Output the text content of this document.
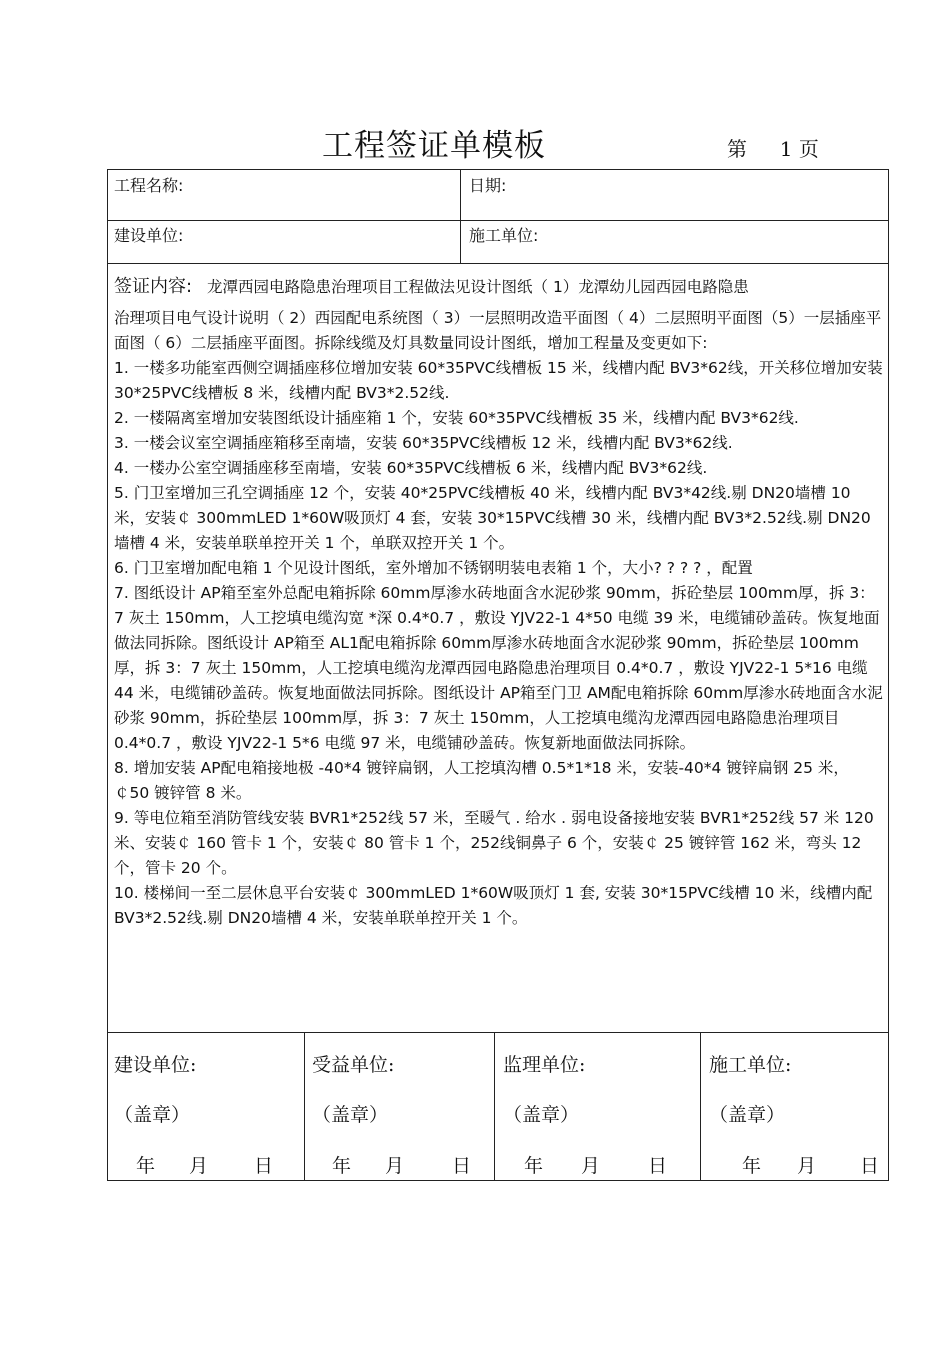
工程签证单模板	第 1 页
工程名称:	日期:
建设单位:	施工单位:

签证内容: 龙潭西园电路隐患治理项目工程做法见设计图纸（ 1）龙潭幼儿园西园电路隐患

治理项目电气设计说明（ 2）西园配电系统图（ 3）一层照明改造平面图（ 4）二层照明平面图（5）一层插座平面图（ 6）二层插座平面图。拆除线缆及灯具数量同设计图纸，增加工程量及变更如下:

1. 一楼多功能室西侧空调插座移位增加安装 60*35PVC线槽板 15 米，线槽内配 BV3*62线，开关移位增加安装 30*25PVC线槽板 8 米，线槽内配 BV3*2.52线.

2. 一楼隔离室增加安装图纸设计插座箱 1 个，安装 60*35PVC线槽板 35 米，线槽内配 BV3*62线.

3. 一楼会议室空调插座箱移至南墙，安装 60*35PVC线槽板 12 米，线槽内配 BV3*62线.

4. 一楼办公室空调插座移至南墙，安装 60*35PVC线槽板 6 米，线槽内配 BV3*62线.

5. 门卫室增加三孔空调插座 12 个，安装 40*25PVC线槽板 40 米，线槽内配 BV3*42线.剔 DN20墙槽 10 米，安装￠ 300mmLED 1*60W吸顶灯 4 套，安装 30*15PVC线槽 30 米，线槽内配 BV3*2.52线.剔 DN20墙槽 4 米，安装单联单控开关 1 个，单联双控开关 1 个。

6. 门卫室增加配电箱 1 个见设计图纸，室外增加不锈钢明装电表箱 1 个，大小? ? ? ? ，配置

7. 图纸设计 AP箱至室外总配电箱拆除 60mm厚渗水砖地面含水泥砂浆 90mm，拆砼垫层 100mm厚，拆 3：7 灰土 150mm，人工挖填电缆沟宽 *深 0.4*0.7 ，敷设 YJV22-1 4*50 电缆 39 米，电缆铺砂盖砖。恢复地面做法同拆除。图纸设计 AP箱至 AL1配电箱拆除 60mm厚渗水砖地面含水泥砂浆 90mm，拆砼垫层 100mm厚，拆 3：7 灰土 150mm，人工挖填电缆沟龙潭西园电路隐患治理项目 0.4*0.7 ，敷设 YJV22-1 5*16 电缆 44 米，电缆铺砂盖砖。恢复地面做法同拆除。图纸设计 AP箱至门卫 AM配电箱拆除 60mm厚渗水砖地面含水泥砂浆 90mm，拆砼垫层 100mm厚，拆 3：7 灰土 150mm，人工挖填电缆沟龙潭西园电路隐患治理项目 0.4*0.7 ，敷设 YJV22-1 5*6 电缆 97 米，电缆铺砂盖砖。恢复新地面做法同拆除。

8. 增加安装 AP配电箱接地极 -40*4 镀锌扁钢，人工挖填沟槽 0.5*1*18 米，安装-40*4 镀锌扁钢 25 米，￠50 镀锌管 8 米。

9. 等电位箱至消防管线安装 BVR1*252线 57 米，至暖气 . 给水 . 弱电设备接地安装 BVR1*252线 57 米 120 米、安装￠ 160 管卡 1 个，安装￠ 80 管卡 1 个，252线铜鼻子 6 个，安装￠ 25 镀锌管 162 米，弯头 12 个，管卡 20 个。

10. 楼梯间一至二层休息平台安装￠ 300mmLED 1*60W吸顶灯 1 套, 安装 30*15PVC线槽 10 米，线槽内配 BV3*2.52线.剔 DN20墙槽 4 米，安装单联单控开关 1 个。

建设单位:
（盖章）
年 月 日
受益单位:
（盖章）
年 月	日
监理单位:
（盖章）
年 月	日
施工单位:
（盖章）
年 月 日
